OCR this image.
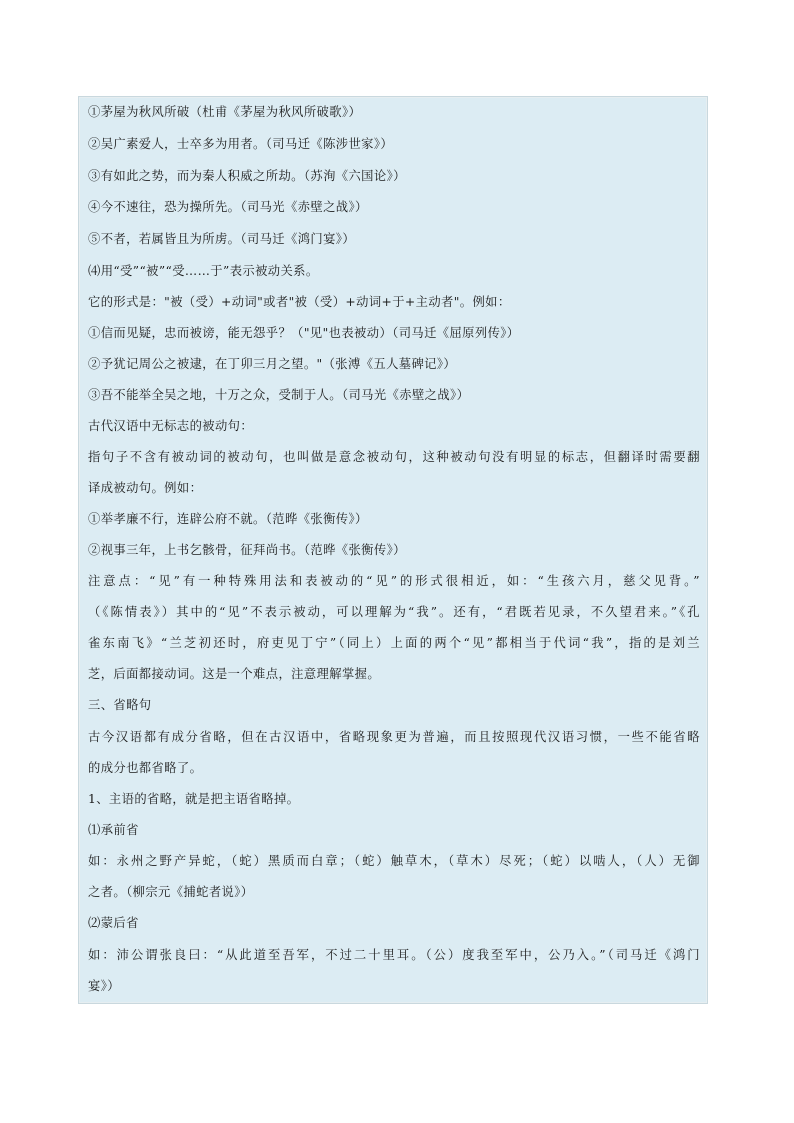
①茅屋为秋风所破（杜甫《茅屋为秋风所破歌》）
②吴广素爱人，士卒多为用者。（司马迁《陈涉世家》）
③有如此之势，而为秦人积威之所劫。（苏洵《六国论》）
④今不速往，恐为操所先。（司马光《赤壁之战》）
⑤不者，若属皆且为所虏。（司马迁《鸿门宴》）
⑷用“受”“被”“受……于”表示被动关系。
它的形式是："被（受）+动词"或者"被（受）+动词+于+主动者"。例如：
①信而见疑，忠而被谤，能无怨乎？（"见"也表被动）（司马迁《屈原列传》）
②予犹记周公之被逮，在丁卯三月之望。"（张溥《五人墓碑记》）
③吾不能举全吴之地，十万之众，受制于人。（司马光《赤壁之战》）
古代汉语中无标志的被动句：
指句子不含有被动词的被动句，也叫做是意念被动句，这种被动句没有明显的标志，但翻译时需要翻
译成被动句。例如：
①举孝廉不行，连辟公府不就。（范晔《张衡传》）
②视事三年，上书乞骸骨，征拜尚书。（范晔《张衡传》）
注意点：“见”有一种特殊用法和表被动的“见”的形式很相近，如：“生孩六月，慈父见背。”
（《陈情表》）其中的“见”不表示被动，可以理解为“我”。还有，“君既若见录，不久望君来。”《孔
雀东南飞》“兰芝初还时，府吏见丁宁”（同上）上面的两个“见”都相当于代词“我”，指的是刘兰
芝，后面都接动词。这是一个难点，注意理解掌握。
三、省略句
古今汉语都有成分省略，但在古汉语中，省略现象更为普遍，而且按照现代汉语习惯，一些不能省略
的成分也都省略了。
1、主语的省略，就是把主语省略掉。
⑴承前省
如：永州之野产异蛇，（蛇）黑质而白章；（蛇）触草木，（草木）尽死；（蛇）以啮人，（人）无御
之者。（柳宗元《捕蛇者说》）
⑵蒙后省
如：沛公谓张良曰：“从此道至吾军，不过二十里耳。（公）度我至军中，公乃入。”（司马迁《鸿门
宴》）
